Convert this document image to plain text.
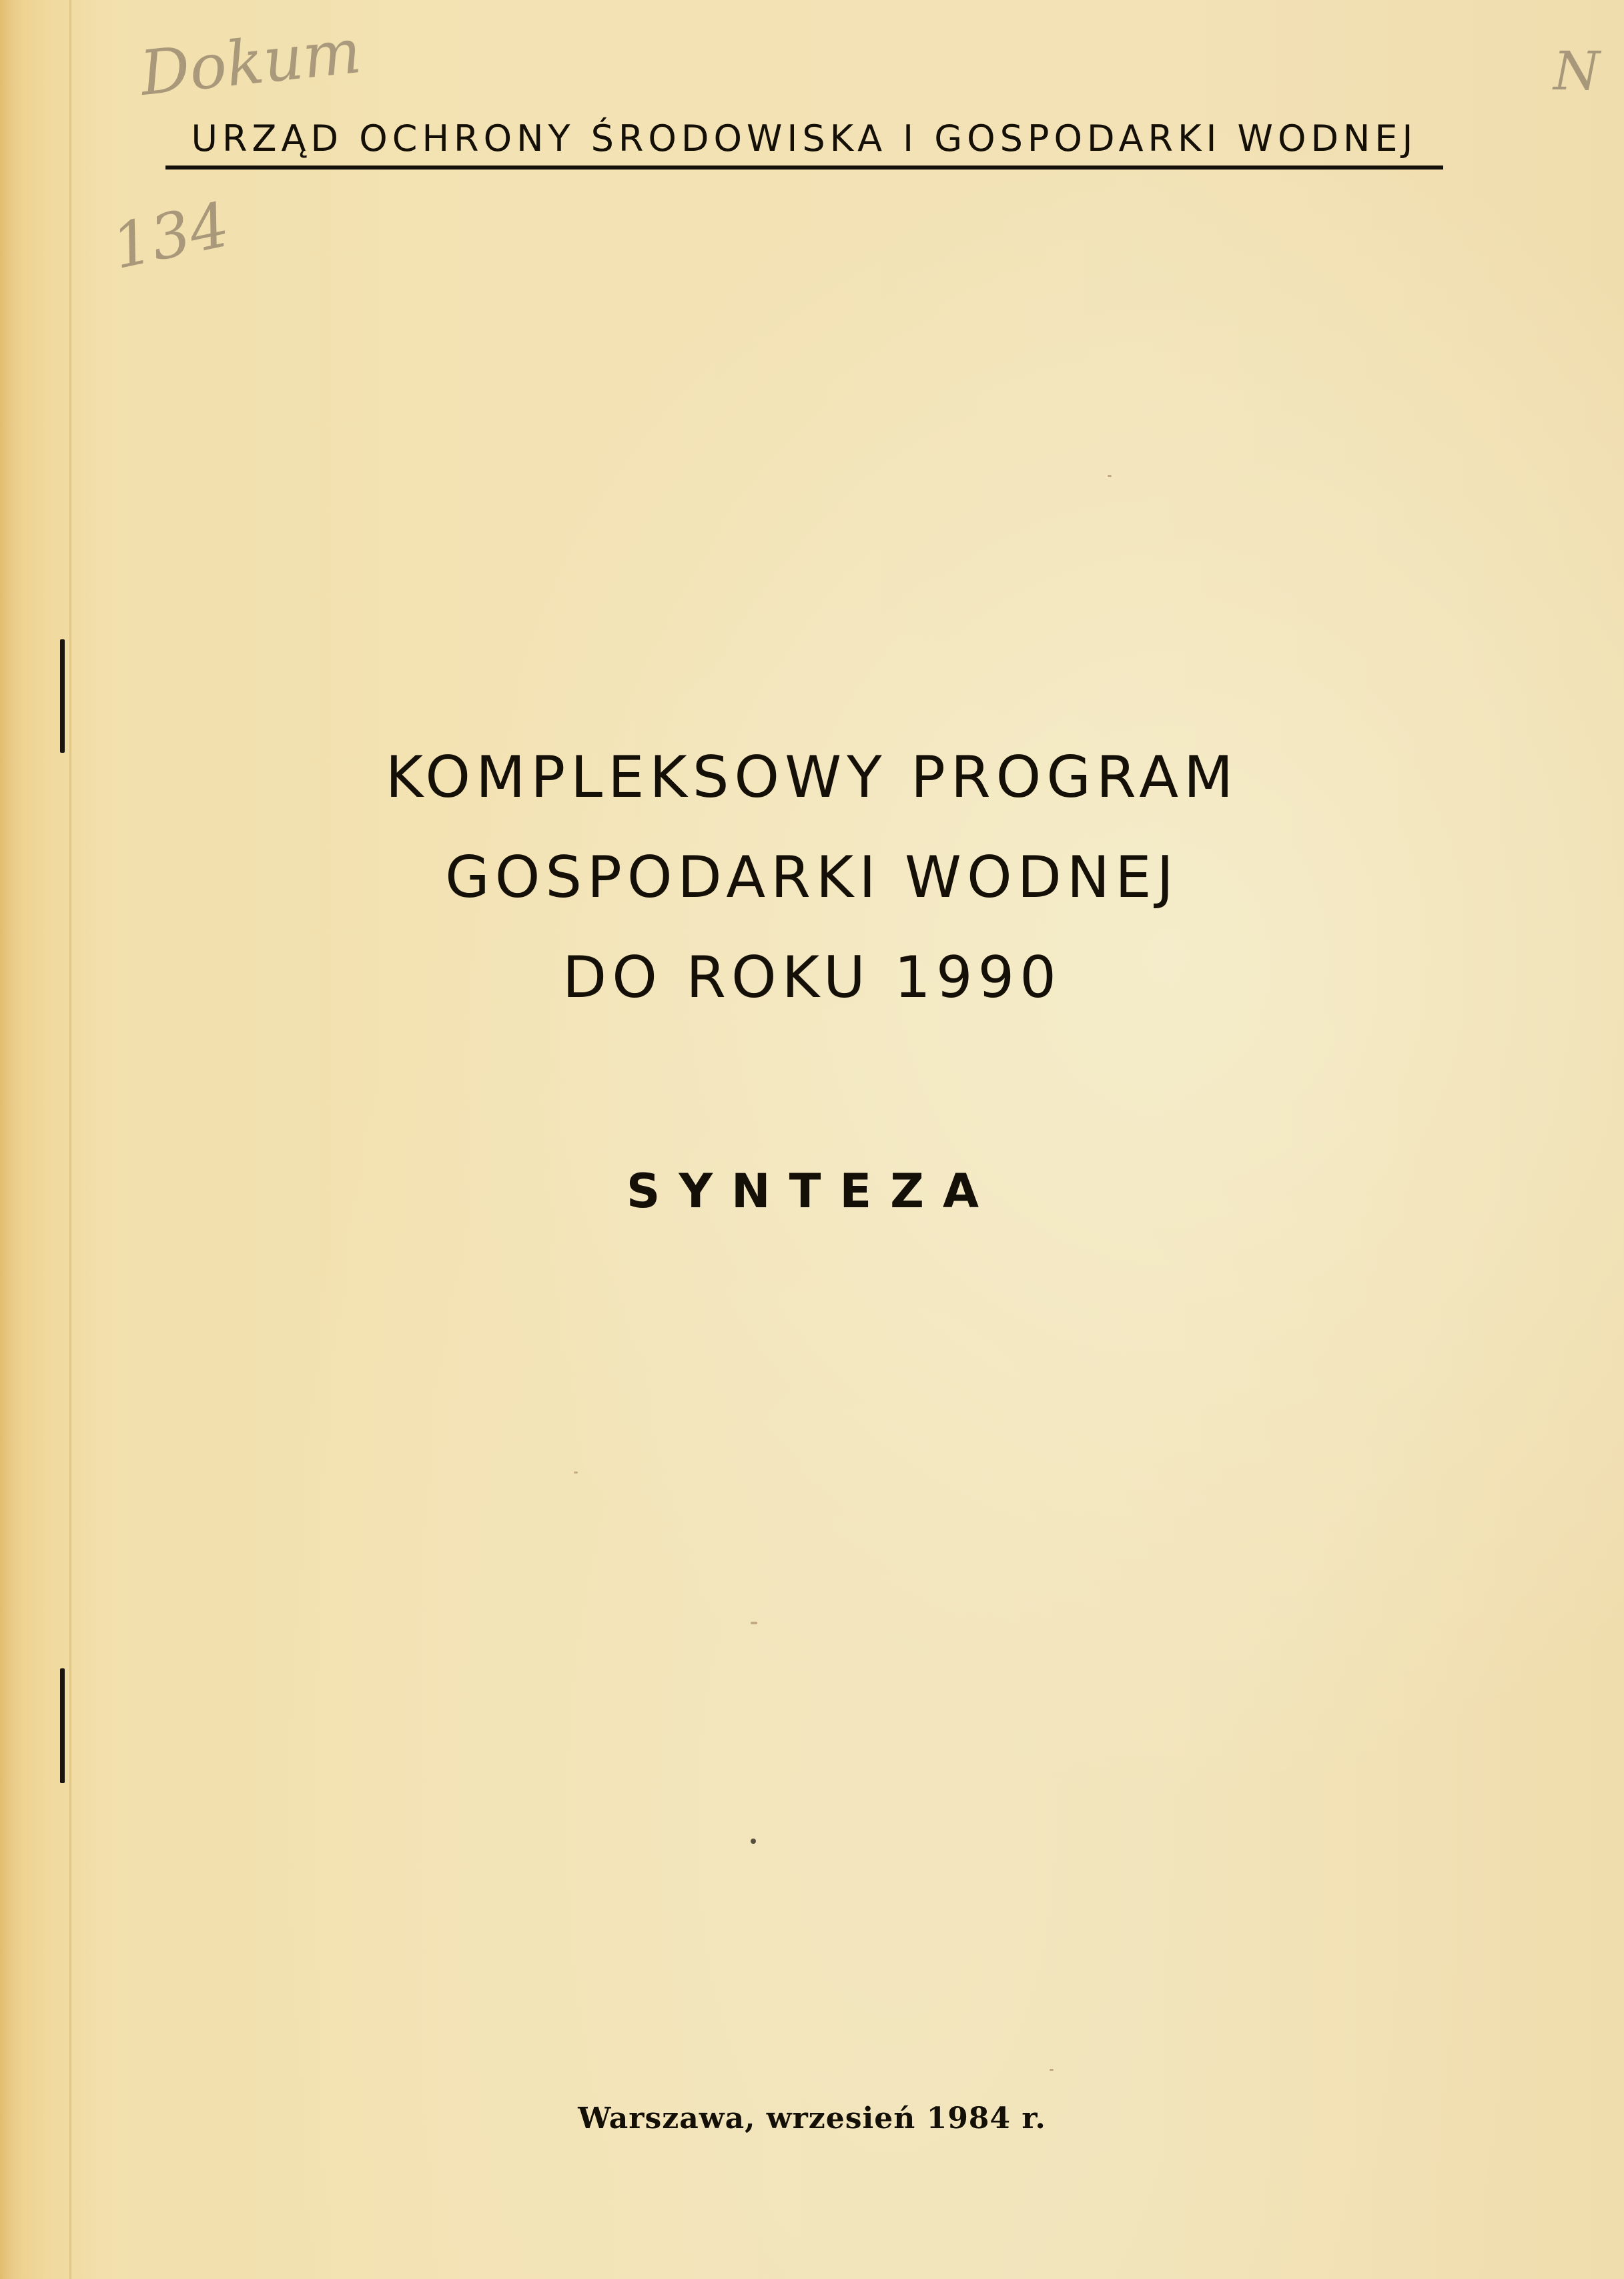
Dokum
134
N
URZĄD OCHRONY ŚRODOWISKA I GOSPODARKI WODNEJ
KOMPLEKSOWY PROGRAM
GOSPODARKI WODNEJ
DO ROKU 1990
SYNTEZA
Warszawa, wrzesień 1984 r.
